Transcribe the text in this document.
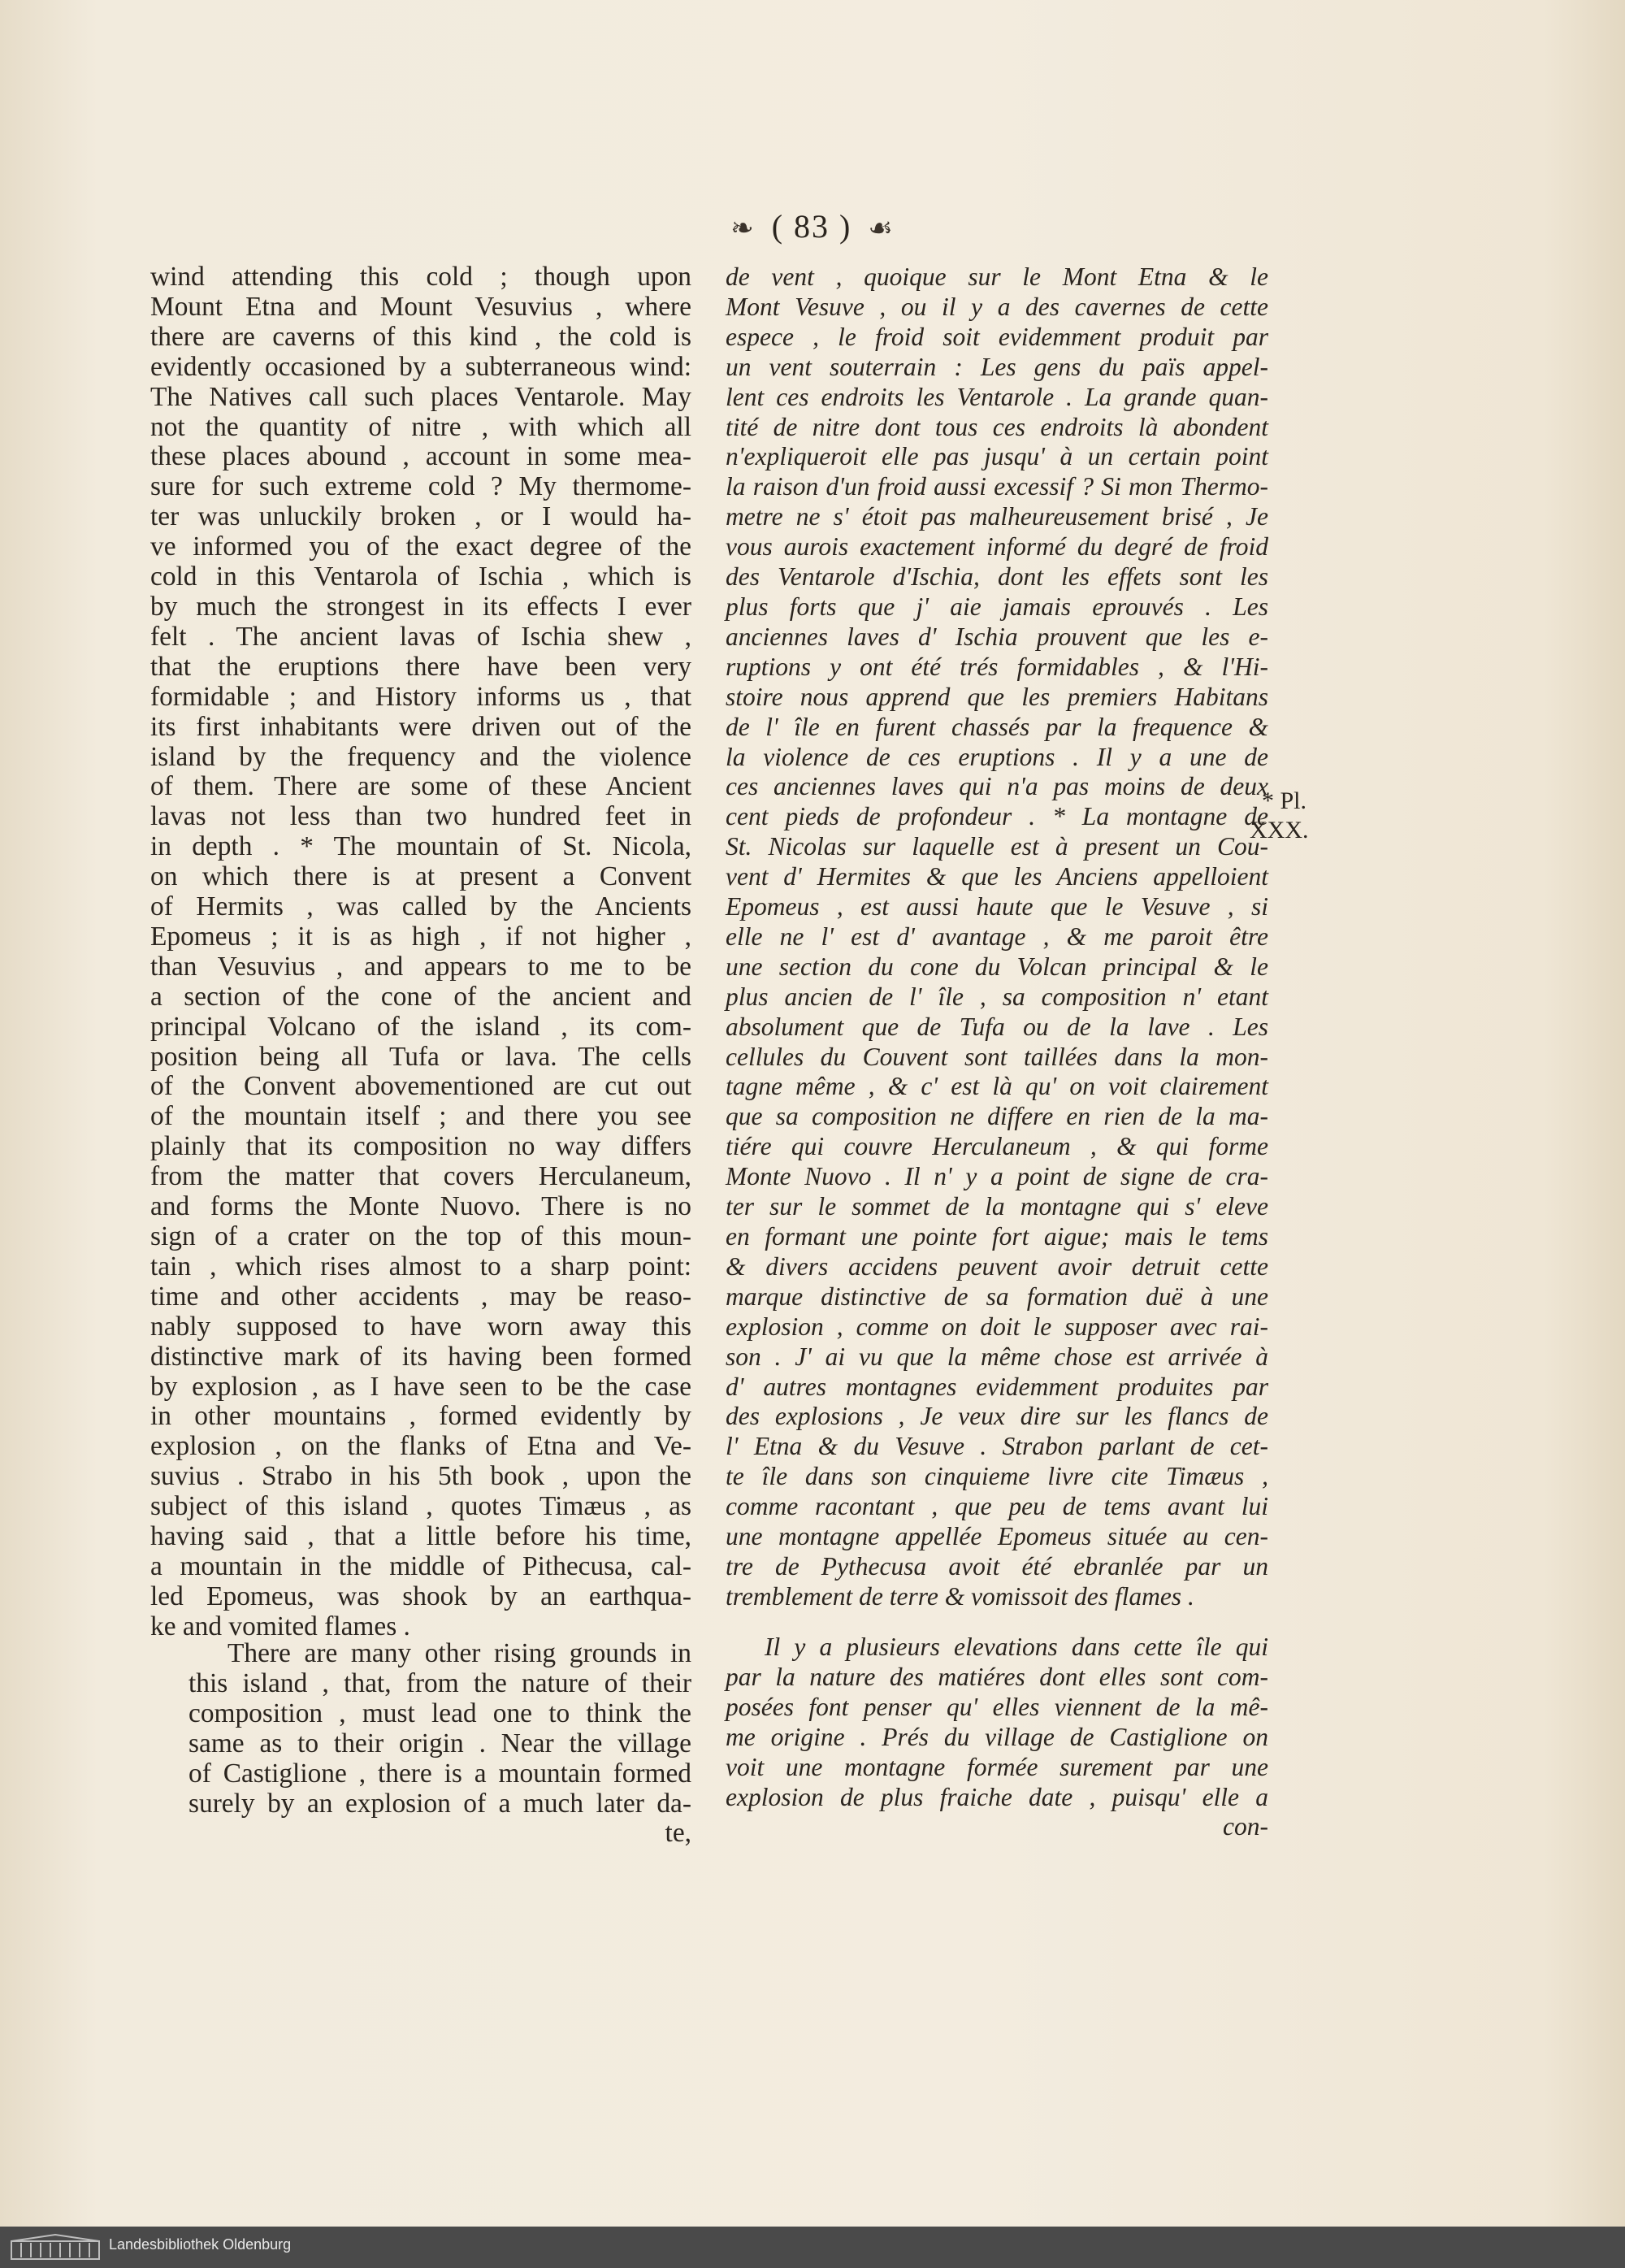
❧ ( 83 ) ☙
wind attending this cold ; though upon
Mount Etna and Mount Vesuvius , where
there are caverns of this kind , the cold is
evidently occasioned by a subterraneous wind:
The Natives call such places Ventarole. May
not the quantity of nitre , with which all
these places abound , account in some mea-
sure for such extreme cold ? My thermome-
ter was unluckily broken , or I would ha-
ve informed you of the exact degree of the
cold in this Ventarola of Ischia , which is
by much the strongest in its effects I ever
felt . The ancient lavas of Ischia shew ,
that the eruptions there have been very
formidable ; and History informs us , that
its first inhabitants were driven out of the
island by the frequency and the violence
of them. There are some of these Ancient
lavas not less than two hundred feet in
in depth . * The mountain of St. Nicola,
on which there is at present a Convent
of Hermits , was called by the Ancients
Epomeus ; it is as high , if not higher ,
than Vesuvius , and appears to me to be
a section of the cone of the ancient and
principal Volcano of the island , its com-
position being all Tufa or lava. The cells
of the Convent abovementioned are cut out
of the mountain itself ; and there you see
plainly that its composition no way differs
from the matter that covers Herculaneum,
and forms the Monte Nuovo. There is no
sign of a crater on the top of this moun-
tain , which rises almost to a sharp point:
time and other accidents , may be reaso-
nably supposed to have worn away this
distinctive mark of its having been formed
by explosion , as I have seen to be the case
in other mountains , formed evidently by
explosion , on the flanks of Etna and Ve-
suvius . Strabo in his 5th book , upon the
subject of this island , quotes Timæus , as
having said , that a little before his time,
a mountain in the middle of Pithecusa, cal-
led Epomeus, was shook by an earthqua-
ke and vomited flames .
There are many other rising grounds in
this island , that, from the nature of their
composition , must lead one to think the
same as to their origin . Near the village
of Castiglione , there is a mountain formed
surely by an explosion of a much later da-
te,
de vent , quoique sur le Mont Etna & le
Mont Vesuve , ou il y a des cavernes de cette
espece , le froid soit evidemment produit par
un vent souterrain : Les gens du païs appel-
lent ces endroits les Ventarole . La grande quan-
tité de nitre dont tous ces endroits là abondent
n'expliqueroit elle pas jusqu' à un certain point
la raison d'un froid aussi excessif ? Si mon Thermo-
metre ne s' étoit pas malheureusement brisé , Je
vous aurois exactement informé du degré de froid
des Ventarole d'Ischia, dont les effets sont les
plus forts que j' aie jamais eprouvés . Les
anciennes laves d' Ischia prouvent que les e-
ruptions y ont été trés formidables , & l'Hi-
stoire nous apprend que les premiers Habitans
de l' île en furent chassés par la frequence &
la violence de ces eruptions . Il y a une de
ces anciennes laves qui n'a pas moins de deux
cent pieds de profondeur . * La montagne de
St. Nicolas sur laquelle est à present un Cou-
vent d' Hermites & que les Anciens appelloient
Epomeus , est aussi haute que le Vesuve , si
elle ne l' est d' avantage , & me paroit être
une section du cone du Volcan principal & le
plus ancien de l' île , sa composition n' etant
absolument que de Tufa ou de la lave . Les
cellules du Couvent sont taillées dans la mon-
tagne même , & c' est là qu' on voit clairement
que sa composition ne differe en rien de la ma-
tiére qui couvre Herculaneum , & qui forme
Monte Nuovo . Il n' y a point de signe de cra-
ter sur le sommet de la montagne qui s' eleve
en formant une pointe fort aigue; mais le tems
& divers accidens peuvent avoir detruit cette
marque distinctive de sa formation duë à une
explosion , comme on doit le supposer avec rai-
son . J' ai vu que la même chose est arrivée à
d' autres montagnes evidemment produites par
des explosions , Je veux dire sur les flancs de
l' Etna & du Vesuve . Strabon parlant de cet-
te île dans son cinquieme livre cite Timæus ,
comme racontant , que peu de tems avant lui
une montagne appellée Epomeus située au cen-
tre de Pythecusa avoit été ebranlée par un
tremblement de terre & vomissoit des flames .
Il y a plusieurs elevations dans cette île qui
par la nature des matiéres dont elles sont com-
posées font penser qu' elles viennent de la mê-
me origine . Prés du village de Castiglione on
voit une montagne formée surement par une
explosion de plus fraiche date , puisqu' elle a
con-
* Pl.
XXX.
Landesbibliothek Oldenburg
